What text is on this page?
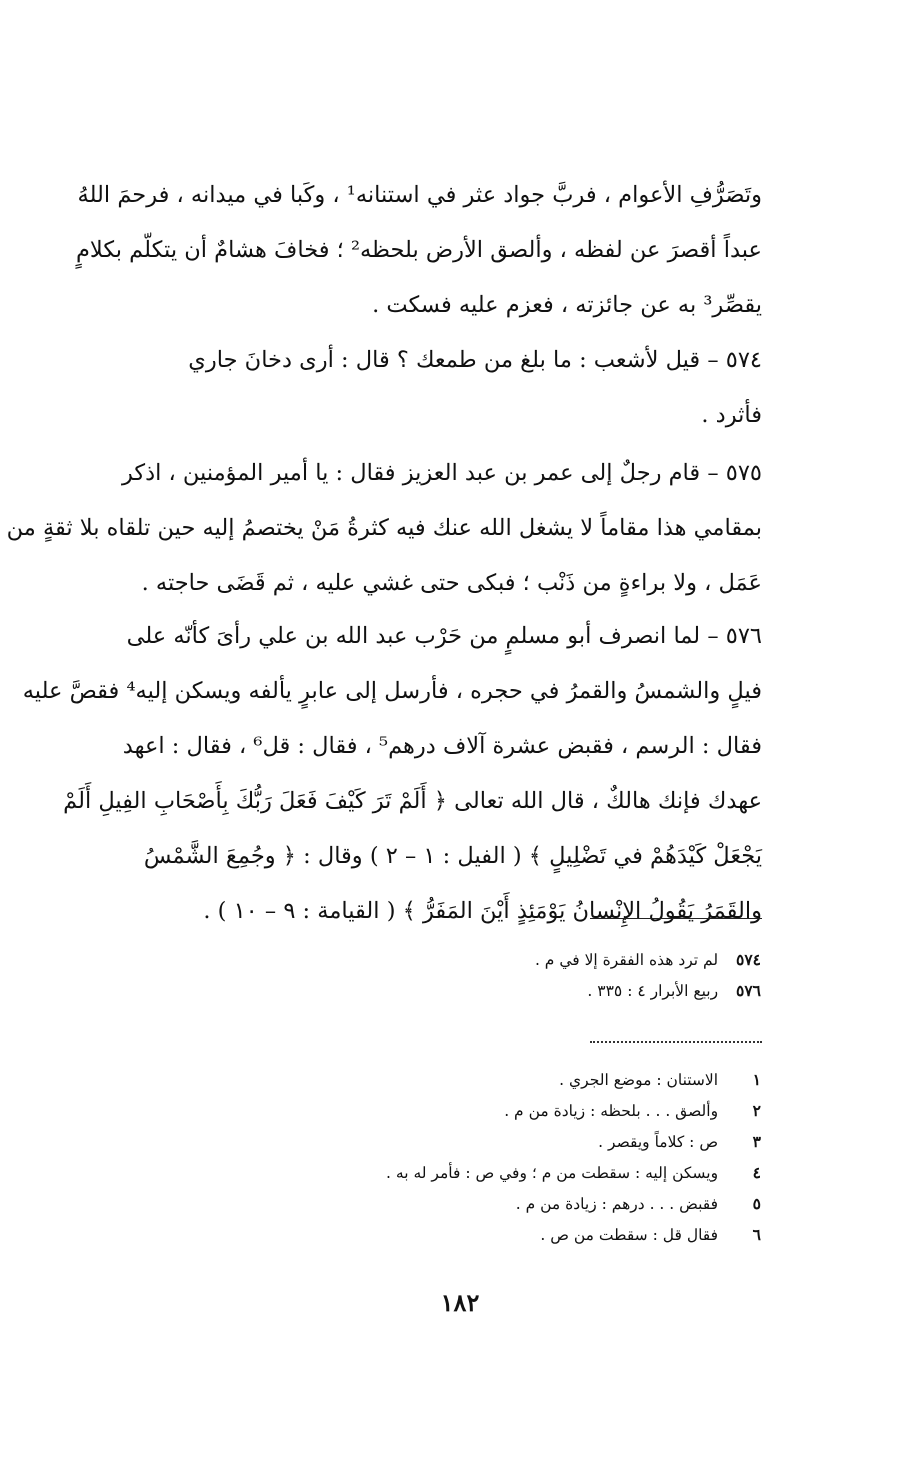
وتَصَرُّفِ الأعوام ، فربَّ جواد عثر في استنانه¹ ، وكَبا في ميدانه ، فرحمَ اللهُ
عبداً أقصرَ عن لفظه ، وألصق الأرض بلحظه² ؛ فخافَ هشامٌ أن يتكلّم بكلامٍ
يقصِّر³ به عن جائزته ، فعزم عليه فسكت .
٥٧٤ – قيل لأشعب : ما بلغ من طمعك ؟ قال : أرى دخانَ جاري
فأثرد .
٥٧٥ – قام رجلٌ إلى عمر بن عبد العزيز فقال : يا أمير المؤمنين ، اذكر
بمقامي هذا مقاماً لا يشغل الله عنك فيه كثرةُ مَنْ يختصمُ إليه حين تلقاه بلا ثقةٍ من
عَمَل ، ولا براءةٍ من ذَنْب ؛ فبكى حتى غشي عليه ، ثم قَضَى حاجته .
٥٧٦ – لما انصرف أبو مسلمٍ من حَرْب عبد الله بن علي رأىَ كأنّه على
فيلٍ والشمسُ والقمرُ في حجره ، فأرسل إلى عابرٍ يألفه ويسكن إليه⁴ فقصَّ عليه
فقال : الرسم ، فقبض عشرة آلاف درهم⁵ ، فقال : قل⁶ ، فقال : اعهد
عهدك فإنك هالكٌ ، قال الله تعالى ﴿ أَلَمْ تَرَ كَيْفَ فَعَلَ رَبُّكَ بِأَصْحَابِ الفِيلِ أَلَمْ
يَجْعَلْ كَيْدَهُمْ في تَضْلِيلٍ ﴾ ( الفيل : ١ – ٢ ) وقال : ﴿ وجُمِعَ الشَّمْسُ
والقَمَرُ يَقُولُ الإِنْسانُ يَوْمَئِذٍ أَيْنَ المَفَرُّ ﴾ ( القيامة : ٩ – ١٠ ) .
٥٧٤ لم ترد هذه الفقرة إلا في م .
٥٧٦ ربيع الأبرار ٤ : ٣٣٥ .
١ الاستنان : موضع الجري .
٢ وألصق . . . بلحظه : زيادة من م .
٣ ص : كلاماً ويقصر .
٤ ويسكن إليه : سقطت من م ؛ وفي ص : فأمر له به .
٥ فقبض . . . درهم : زيادة من م .
٦ فقال قل : سقطت من ص .
١٨٢
